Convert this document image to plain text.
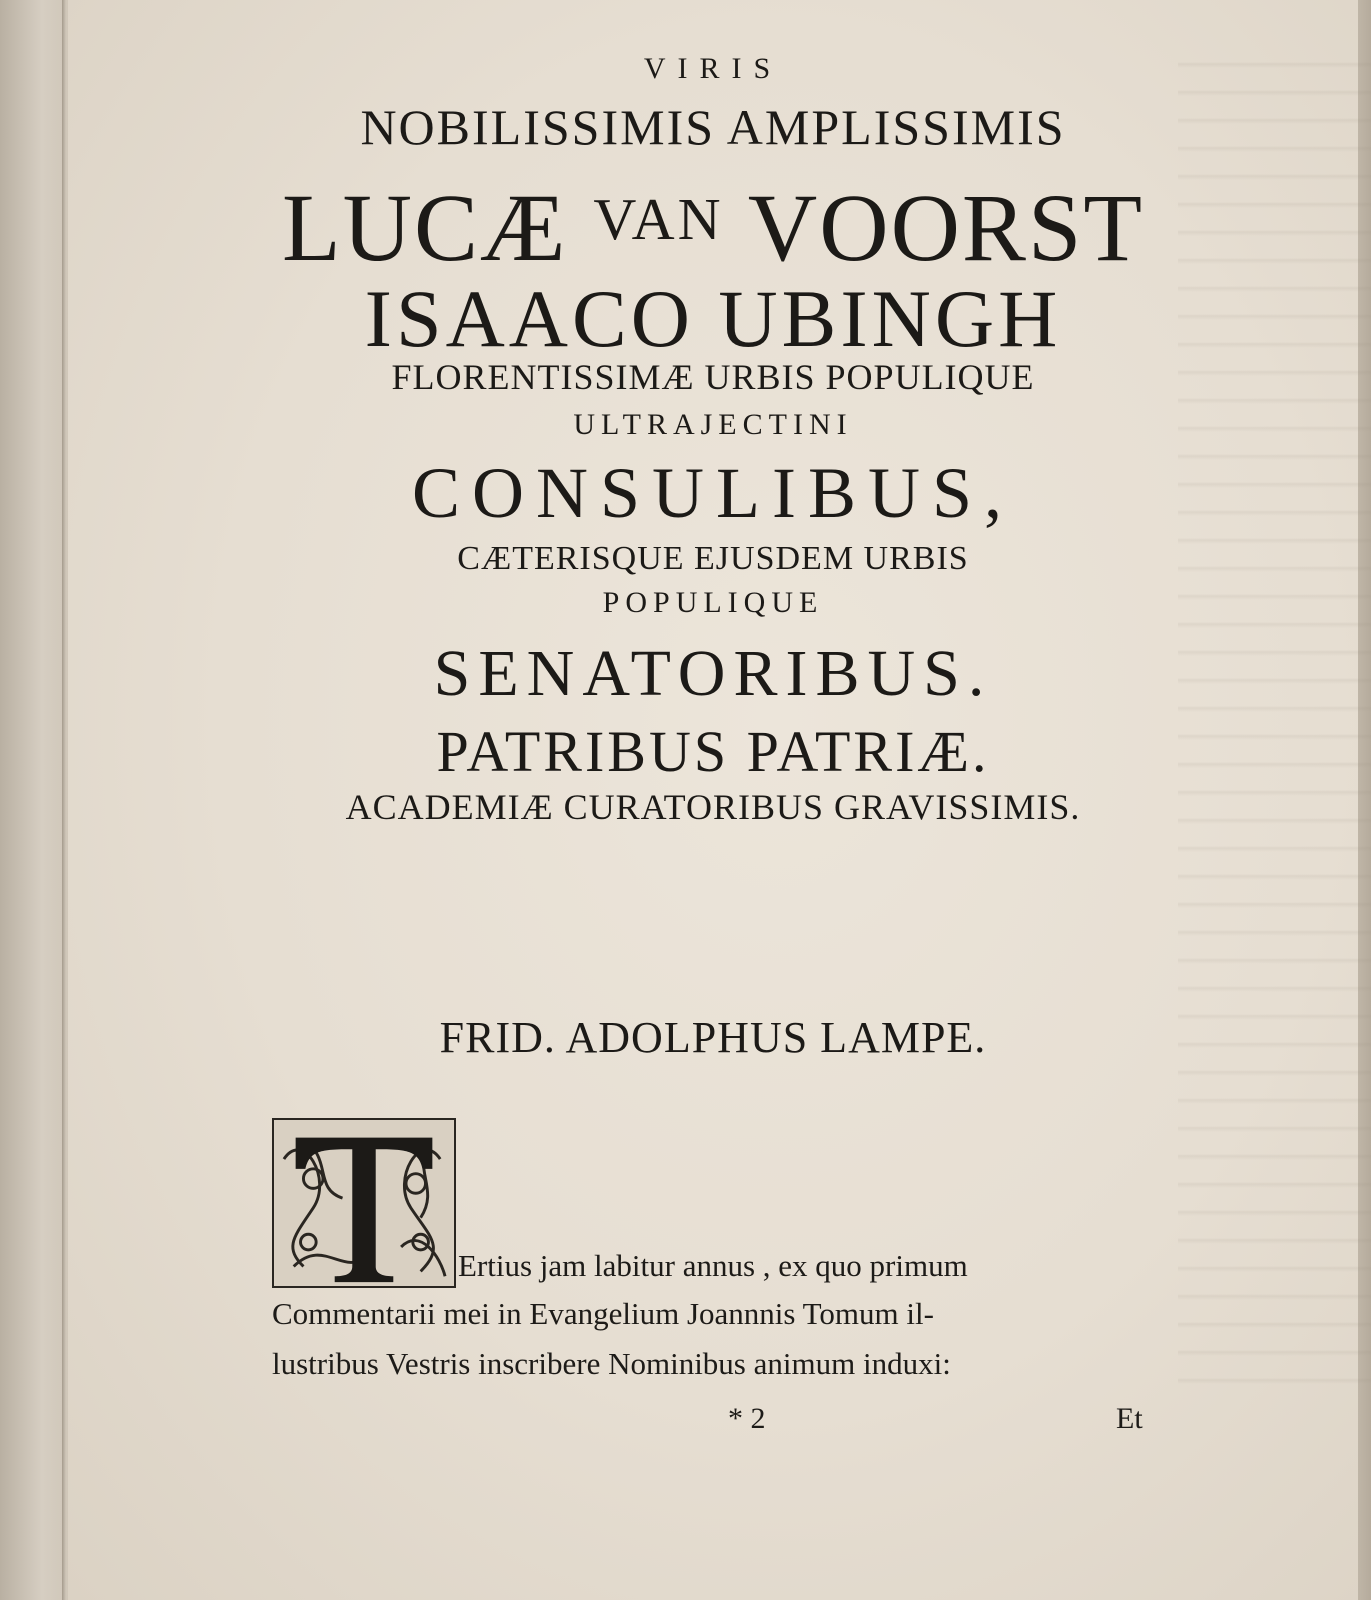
VIRIS
NOBILISSIMIS AMPLISSIMIS
LUCÆ $^{VAN}$ VOORST
ISAACO UBINGH
FLORENTISSIMÆ URBIS POPULIQUE
ULTRAJECTINI
CONSULIBUS,
CÆTERISQUE EJUSDEM URBIS
POPULIQUE
SENATORIBUS.
PATRIBUS PATRIÆ.
ACADEMIÆ CURATORIBUS GRAVISSIMIS.
FRID. ADOLPHUS LAMPE.
Ertius jam labitur annus , ex quo primum
Commentarii mei in Evangelium Joannnis Tomum il-
lustribus Vestris inscribere Nominibus animum induxi:
* 2	Et
